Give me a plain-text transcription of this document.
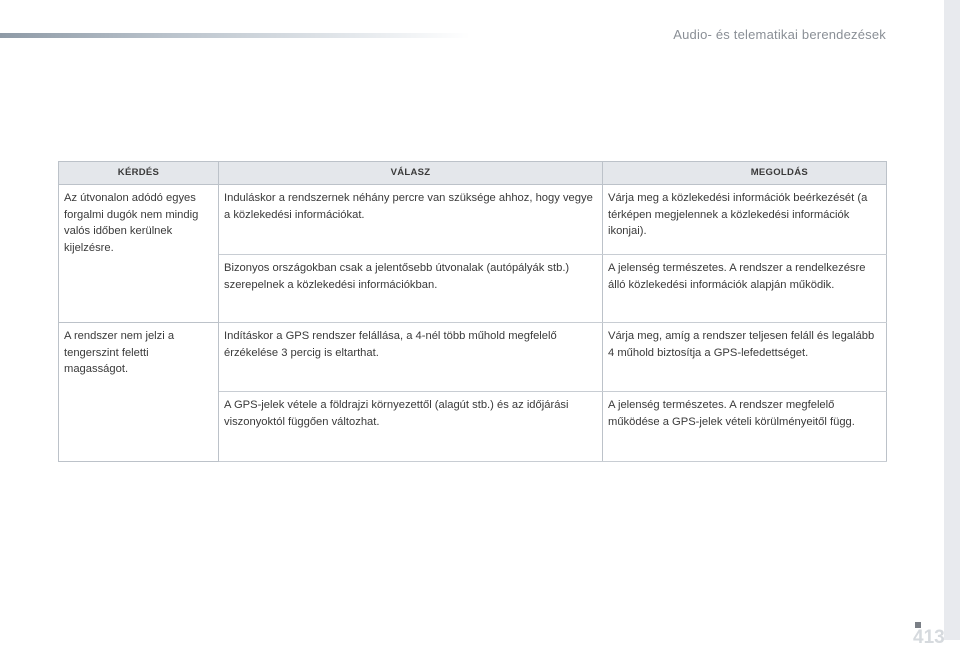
Audio- és telematikai berendezések
KÉRDÉS	VÁLASZ	MEGOLDÁS
Az útvonalon adódó egyes forgalmi dugók nem mindig valós időben kerülnek kijelzésre.	Induláskor a rendszernek néhány percre van szüksége ahhoz, hogy vegye a közlekedési információkat.	Várja meg a közlekedési információk beérkezését (a térképen megjelennek a közlekedési információk ikonjai).
	Bizonyos országokban csak a jelentősebb útvonalak (autópályák stb.) szerepelnek a közlekedési információkban.	A jelenség természetes. A rendszer a rendelkezésre álló közlekedési információk alapján működik.
A rendszer nem jelzi a tengerszint feletti magasságot.	Indításkor a GPS rendszer felállása, a 4-nél több műhold megfelelő érzékelése 3 percig is eltarthat.	Várja meg, amíg a rendszer teljesen feláll és legalább 4 műhold biztosítja a GPS-lefedettséget.
	A GPS-jelek vétele a földrajzi környezettől (alagút stb.) és az időjárási viszonyoktól függően változhat.	A jelenség természetes. A rendszer megfelelő működése a GPS-jelek vételi körülményeitől függ.
413
